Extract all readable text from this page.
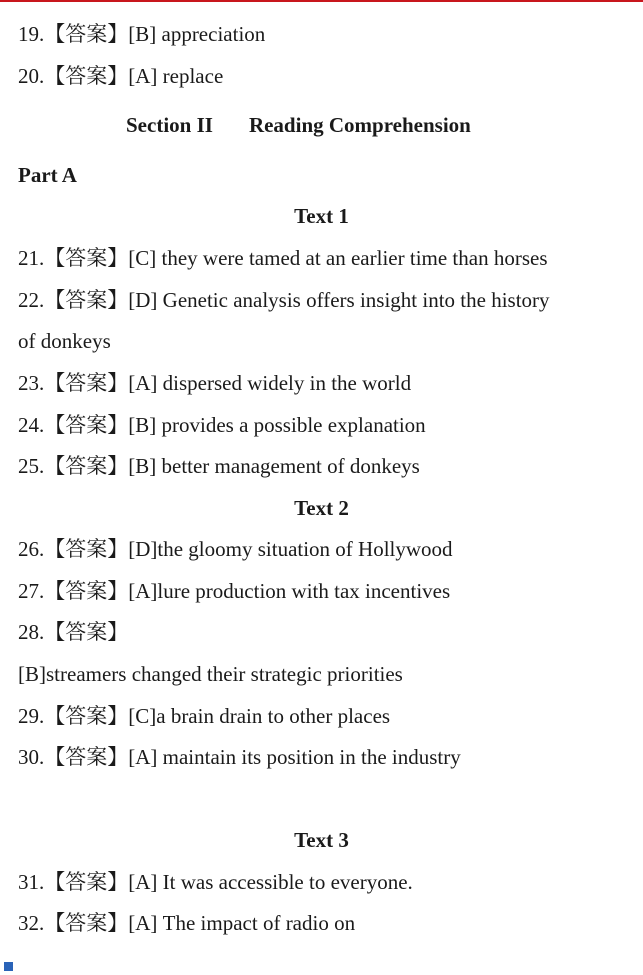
19.【答案】[B] appreciation
20.【答案】[A] replace
Section II Reading Comprehension
Part A
Text 1
21.【答案】[C] they were tamed at an earlier time than horses
22.【答案】[D] Genetic analysis offers insight into the history
of donkeys
23.【答案】[A] dispersed widely in the world
24.【答案】[B] provides a possible explanation
25.【答案】[B] better management of donkeys
Text 2
26.【答案】[D]the gloomy situation of Hollywood
27.【答案】[A]lure production with tax incentives
28.【答案】
[B]streamers changed their strategic priorities
29.【答案】[C]a brain drain to other places
30.【答案】[A] maintain its position in the industry
Text 3
31.【答案】[A] It was accessible to everyone.
32.【答案】[A] The impact of radio on
